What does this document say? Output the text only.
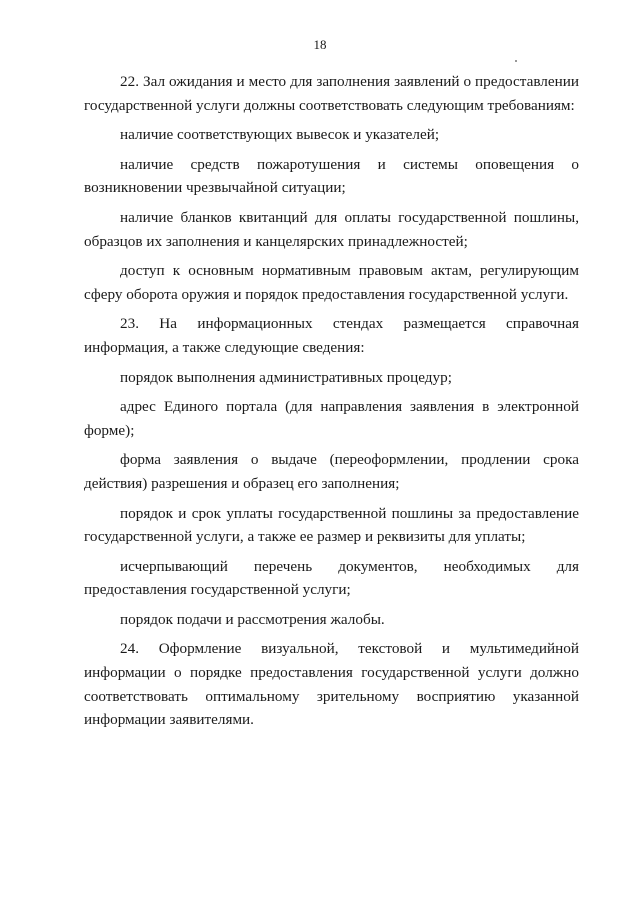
18

22. Зал ожидания и место для заполнения заявлений о предоставлении государственной услуги должны соответствовать следующим требованиям:

наличие соответствующих вывесок и указателей;

наличие средств пожаротушения и системы оповещения о возникновении чрезвычайной ситуации;

наличие бланков квитанций для оплаты государственной пошлины, образцов их заполнения и канцелярских принадлежностей;

доступ к основным нормативным правовым актам, регулирующим сферу оборота оружия и порядок предоставления государственной услуги.

23. На информационных стендах размещается справочная информация, а также следующие сведения:

порядок выполнения административных процедур;

адрес Единого портала (для направления заявления в электронной форме);

форма заявления о выдаче (переоформлении, продлении срока действия) разрешения и образец его заполнения;

порядок и срок уплаты государственной пошлины за предоставление государственной услуги, а также ее размер и реквизиты для уплаты;

исчерпывающий перечень документов, необходимых для предоставления государственной услуги;

порядок подачи и рассмотрения жалобы.

24. Оформление визуальной, текстовой и мультимедийной информации о порядке предоставления государственной услуги должно соответствовать оптимальному зрительному восприятию указанной информации заявителями.
